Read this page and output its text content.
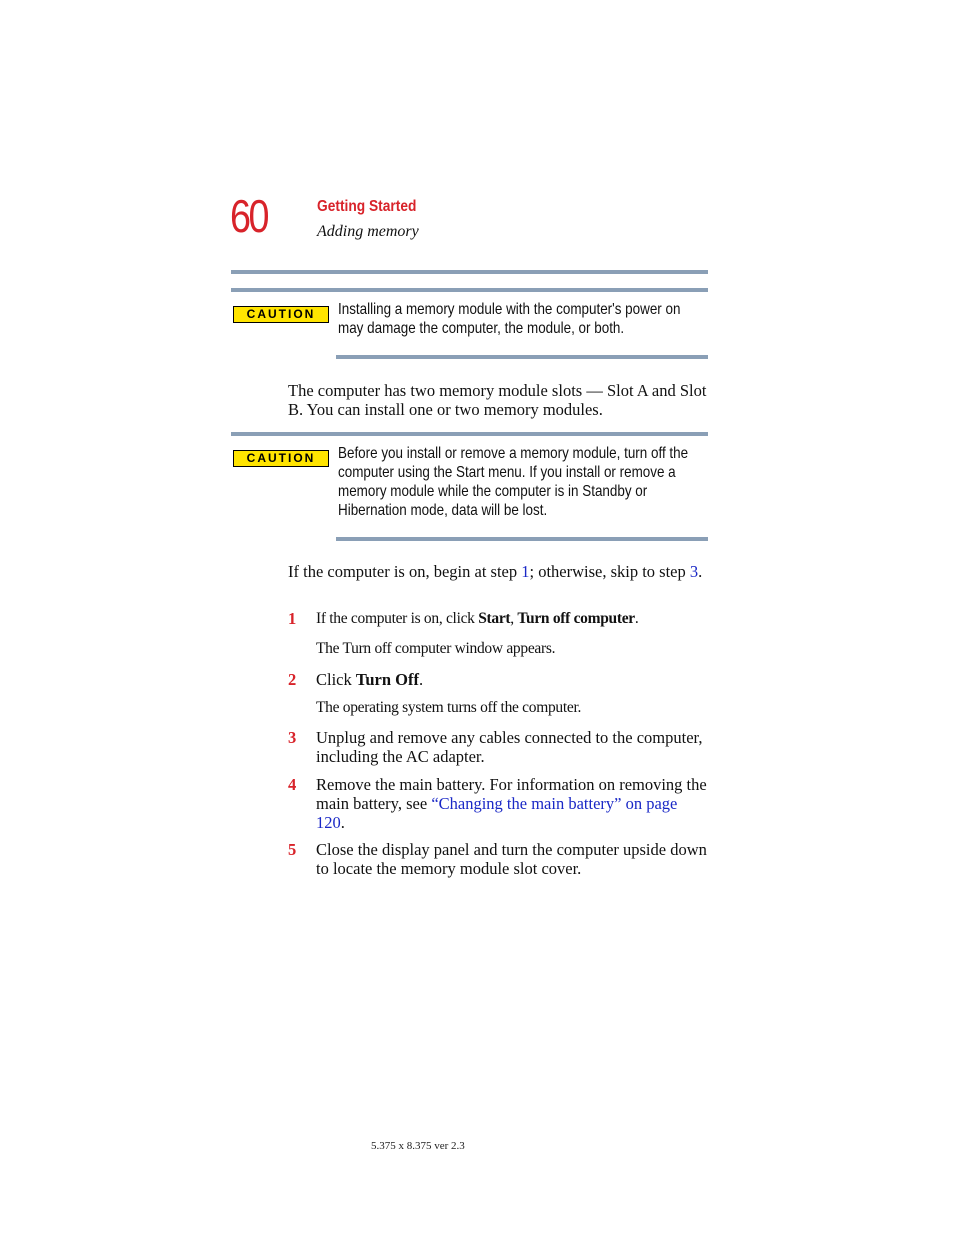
60	Getting Started
Adding memory
CAUTION	Installing a memory module with the computer's power on may damage the computer, the module, or both.
The computer has two memory module slots — Slot A and Slot B. You can install one or two memory modules.
CAUTION	Before you install or remove a memory module, turn off the computer using the Start menu. If you install or remove a memory module while the computer is in Standby or Hibernation mode, data will be lost.
If the computer is on, begin at step 1; otherwise, skip to step 3.
1 If the computer is on, click Start, Turn off computer.
The Turn off computer window appears.
2 Click Turn Off.
The operating system turns off the computer.
3 Unplug and remove any cables connected to the computer, including the AC adapter.
4 Remove the main battery. For information on removing the main battery, see “Changing the main battery” on page 120.
5 Close the display panel and turn the computer upside down to locate the memory module slot cover.
5.375 x 8.375 ver 2.3
